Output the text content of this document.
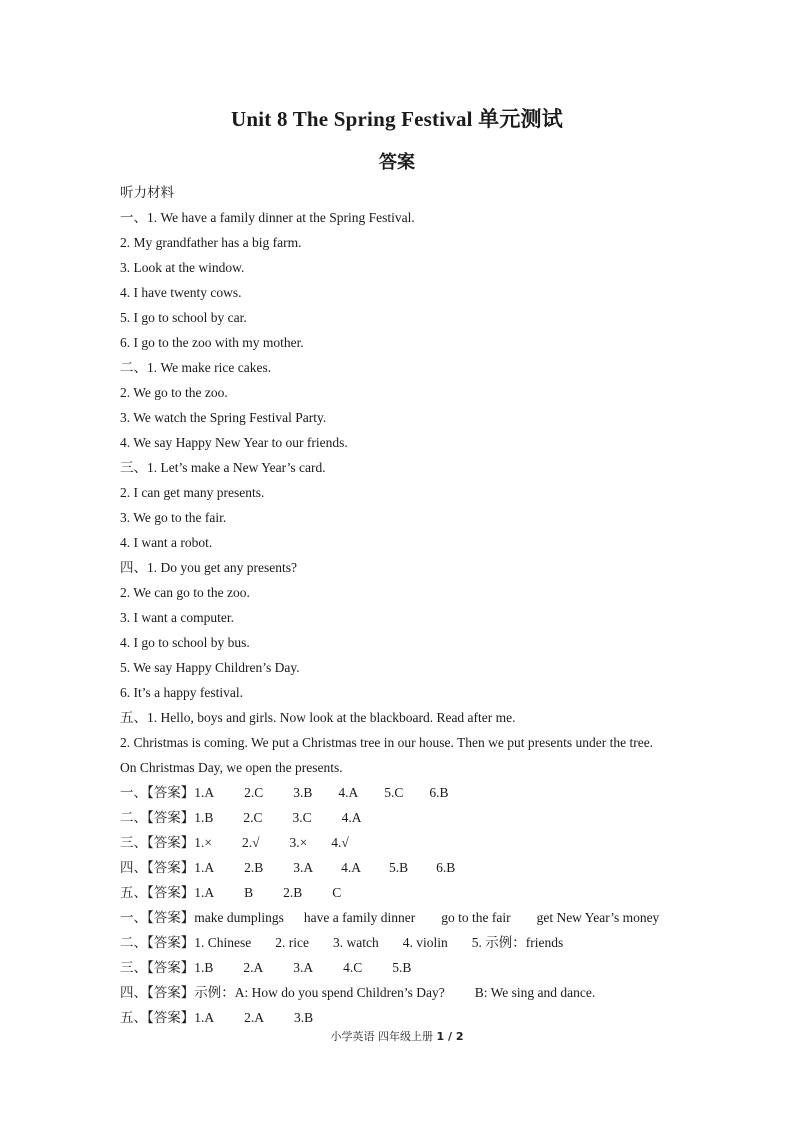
Unit 8 The Spring Festival 单元测试
答案
听力材料
一、1. We have a family dinner at the Spring Festival.
2. My grandfather has a big farm.
3. Look at the window.
4. I have twenty cows.
5. I go to school by car.
6. I go to the zoo with my mother.
二、1. We make rice cakes.
2. We go to the zoo.
3. We watch the Spring Festival Party.
4. We say Happy New Year to our friends.
三、1. Let’s make a New Year’s card.
2. I can get many presents.
3. We go to the fair.
4. I want a robot.
四、1. Do you get any presents?
2. We can go to the zoo.
3. I want a computer.
4. I go to school by bus.
5. We say Happy Children’s Day.
6. It’s a happy festival.
五、1. Hello, boys and girls. Now look at the blackboard. Read after me.
2. Christmas is coming. We put a Christmas tree in our house. Then we put presents under the tree.
On Christmas Day, we open the presents.
一、【答案】1.A 2.C 3.B 4.A 5.C 6.B
二、【答案】1.B 2.C 3.C 4.A
三、【答案】1.× 2.√ 3.× 4.√
四、【答案】1.A 2.B 3.A 4.A 5.B 6.B
五、【答案】1.A B 2.B C
一、【答案】make dumplings have a family dinner go to the fair get New Year’s money
二、【答案】1. Chinese 2. rice 3. watch 4. violin 5. 示例：friends
三、【答案】1.B 2.A 3.A 4.C 5.B
四、【答案】示例：A: How do you spend Children’s Day? B: We sing and dance.
五、【答案】1.A 2.A 3.B
小学英语 四年级上册 1 / 2
